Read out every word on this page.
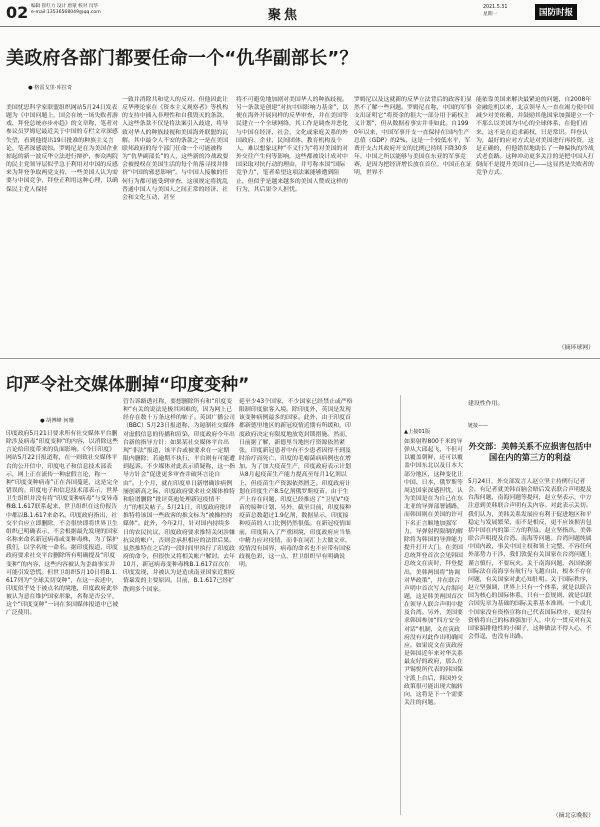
02 编辑 崔红力 设计 唐蒙 校对 闫华
e-mail:13536568049@qq.com	聚焦
2021.5.31
星期一	国防时报
美政府各部门都要任命一个“仇华副部长”？
● 格雷戈里·库拉奇
美国忧思科学家联盟组织网站5月24日发表题为《中国问题上，国会在统一场失败者游戏，拜登总统亦步亦趋》的文章称，笔者对参议员罗姆尼最近关于中国的专栏文章深感失望，看到他提出19日批准的种族主义言论，笔者深感震惊。罗姆尼是在为美国企业掠起的新一波反华立法进行辩护，参众两院的民主党领导层似乎急于利用对中国的反感来为拜登争取两党支持，一些美国人认为需要与中国竞争，拜登正利用这种心理，以确保民主党人保持
一致并消除共和党人的反对。但他因此让反华理论家在《资本主义观察者》等机构的支持中插入非理性和自我毁灭的条款，入这些条款不仅是将法案引入歧途，将导致对华人的种族歧视和美国海外联盟的瓦解。其中最令人不安的条款之一是在美国联邦政府的每个部门任命一个可能被称为“仇华副部长”的人，这些新的冷战政要会被授权在美国生活的每个角落寻找并排挤“中国的邪恶影响”。与中国人接触的任何行为都可能受到审查，这项规定将扰乱普通中国人与美国人之间正常的经济、社会和文化互动，甚至
将不可避免地加剧对美国华人的种族歧视。另一条款是创建“对抗中国影响力基金”，以便在海外开展同样的反华审查，并在美国等民建立一个全球网络，其工作是调查并恶化与中国在经济、社会、文化或家庭关系的外国政府、企业、民间团体、教育机构及个人，难以想象这种“不义行为”将对美国的对外交往产生何等影响，这些都被设计成对中国采取对抗行动的理由，并号称本国“国际竞争力”，笔者希望这项法案能够遭到阻止，但似乎是越来越多的美国人赞成这样的行为，其后果令人担忧。
罗姆尼以及这就新的反华立法背后的政客们显然不了解一些问题。罗姆尼在称，中国的军事支出证明它“将资金的很大一部分用于霸权主义计划”，但从数据看事实并非如此。自1990年以来，中国军事开支一直保持在国内生产总值（GDP）的2%，这是一个较低水平，军费开支占其政府开支的比例已持续下降30多年。中国之所以能够与美国在东亚的军事竞赛，是因为把经济增长放在首位。中国正在证明，世界不
能依靠美国来解决最紧迫的问题，自2008年金融危机以来，北京领导人一直在竭力使中国减少对美依赖，并鼓励其他国家加强建立一个不那么以美国为中心的全球体系，在他们看来，这不是在追求霸权，只是常识。拜登认为，最好的应对方式是对美国进行再投资，这是正确的，但他错误地助长了一种偏执的冷战式老套路。这种冲动更多关注的是把中国人打倒而不是提升美国自己——这显然是失败者的竞争方式。
（摘环球网）
印严令社交媒体删掉“印度变种”
● 胡博峰 何珊
印度政府5月21日要求所有社交媒体平台删除涉及病毒“印度变种”的内容，以消除这些言论给印度带来的负面影响。《今日印度》网站5月22日报道称，在一则致社交媒体平台的公开信中，印度电子和信息技术部表示，网上正在流传一种虚假言论，称一种“印度变种病毒”正在各国蔓延，这是完全错误的。印度电子和信息技术部表示，世界卫生组织并没有将“印度变种病毒”与变异毒株B.1.617联系起来，世卫组织在这份报告中都以B.1.617来命名。印度政府指出，社交平台应立即删除，不会很快即将世界卫生组织已明确表示，不会根据最先发现的国家名称来命名新冠病毒或变种毒株，为了保护我们，以学名统一命名。据印度报道，印度政府要求社交平台删除所有明确提及“印度变种”的内容，这些内容被认为歪曲事实并可能引发恐慌。但世卫组织5月10日将B.1.617列为“全球关切变种”，在这一表述中，印度似乎处于被点名的境地，印度政府此举被认为意在维护国家形象，名称是否公平，这个“印度变种”一词在多国媒体报道中已被广泛使用。
管告诉路透社称，要想删除所有和“印度变种”有关的说法是极其困难的，因为网上已经存在数十万条这样的帖子。英国广播公司（BBC）5月23日报道称，为遏制社交媒体对虚假信息的传播和渲染，印度政府今年出台新的指导方针：如果某社交媒体平台出现“非法”报道，该平台或被要求在一定期限内删除；若逾期不执行，平台则有可能遭到起诉。不少媒体对此表示质疑称，这一指导方针会“促进更多审查并破坏言论自由”。上个月，就在印度单日新增确诊病例屡创新高之际，印度政府要求社交媒体推特和脸谱删除“批评莫迪处理新冠疫情不力”的相关帖子。5月21日，印度政府批评推特将该国一些政客的推文标为“被操控的媒体”。此外，今年2月，针对国内持续多日的农民抗议，印度政府要求推特关闭涉嫌抗议的帐户，否则会承担相应的法律后果。虽然推特在之后的一段时间里执行了印度政府的命令，但很快又将相关帐户解封。去年10月，新冠病毒变种毒株B.1.617首次在印度发现，并被认为是造成南亚国家近期疫情暴发的主要原因。目前，B.1.617已经扩散到多个国家。
延至少43个国家，不少国家已经禁止或严格限制印度旅客入境。除印度外，英国是发现该变种病例最多的国家。此外，由于印度首都新德里地区的新冠疫情近期有所缓和，印度政府决定有限度地放宽封锁措施。然而，日前据了解，新德里当地医疗资源依然紧张，印度新冠患者中有不少患者因得不到及时治疗而死亡，印度的毛霉菌病病例也在增加。为了加大疫苗生产，印度政府表示计划从8月起疫苗生产能力提高至每月1亿剂以上，但疫苗生产资源依然匮乏。印度政府计划在印度生产8.5亿剂俄罗斯疫苗，由于生产上存在问题，印度已经推迟了“卫星V”疫苗的接种计划，另外，截至目前，印度接种疫苗总数超过1.9亿剂，数据显示，印度接种疫苗的人口比例仍然很低。在新冠疫情面前，印度陷入了严重困境，印度政府应当集中精力应对疫情，而非在词汇上大做文章，疫情没有国界，病毒的命名也不应带有国家歧视色彩，这一点，世卫组织早有明确说明。
▲上接01版
如果射程800千米的导弹从大邱起飞，不但可以覆盖朝鲜，还可以覆盖中国东北以及日本大部分地区，这种变化让中国、日本、俄罗斯等周边国家深感担忧，认为美国是在为自己在东北亚的导弹部署铺路，而韩国则在美国的许可下名正言顺地加强军力，导弹射程限制的解除将为韩国的导弹能力提升打开大门。在美国总统拜登首次会见韩国总统文在寅时，拜登提出，美韩两国将“协调对华政策”，并在联合声明中首次写入台海问题，这是韩美两国首次在领导人联合声明中提及台湾。另外，美国要求韩国参加“四方安全对话”机制，文在寅政府没有对此作出明确回应。如果说文在寅政府是韩国近年来对华关系最友好的政府，那么在尹锡悦所代表的韩国保守派上台后，韩国外交政策很可能出现大幅转向，这将是下一个需要关注的问题。
建设性作用。
链接——
外交部：美韩关系不应损害包括中国在内的第三方的利益
5月24日，外交部发言人赵立坚主持例行记者会。有记者就美韩首脑会晤后发表联合声明提及台海问题，南海问题等提问，赵立坚表示，中方注意到美韩联合声明有关内容。对此表示关切。我们认为，美韩关系发展应有利于促进地区和平稳定与发展繁荣，而不是相反，更不应该损害包括中国在内的第三方的利益。赵立坚指出，美韩联合声明提及台湾、南海等问题。台湾问题纯属中国内政，事关中国主权和领土完整，不容任何外部势力干涉，我们敦促有关国家在台湾问题上谨言慎行，不要玩火。关于南海问题，各国依据国际法在南海享有航行与飞越自由，根本不存在问题，有关国家对此心知肚明。关于国际秩序，赵立坚强调，世界上只有一个体系，就是以联合国为核心的国际体系，只有一套规则，就是以联合国宪章为基础的国际关系基本准则。一个或几个国家没有资格宣称自己代表国际秩序，更没有资格将自己的标准强加于人。中方一贯反对有关国家搞排他性的小圈子，这种做法不得人心，不会得逞，也没有出路。
（摘北京晚报）
